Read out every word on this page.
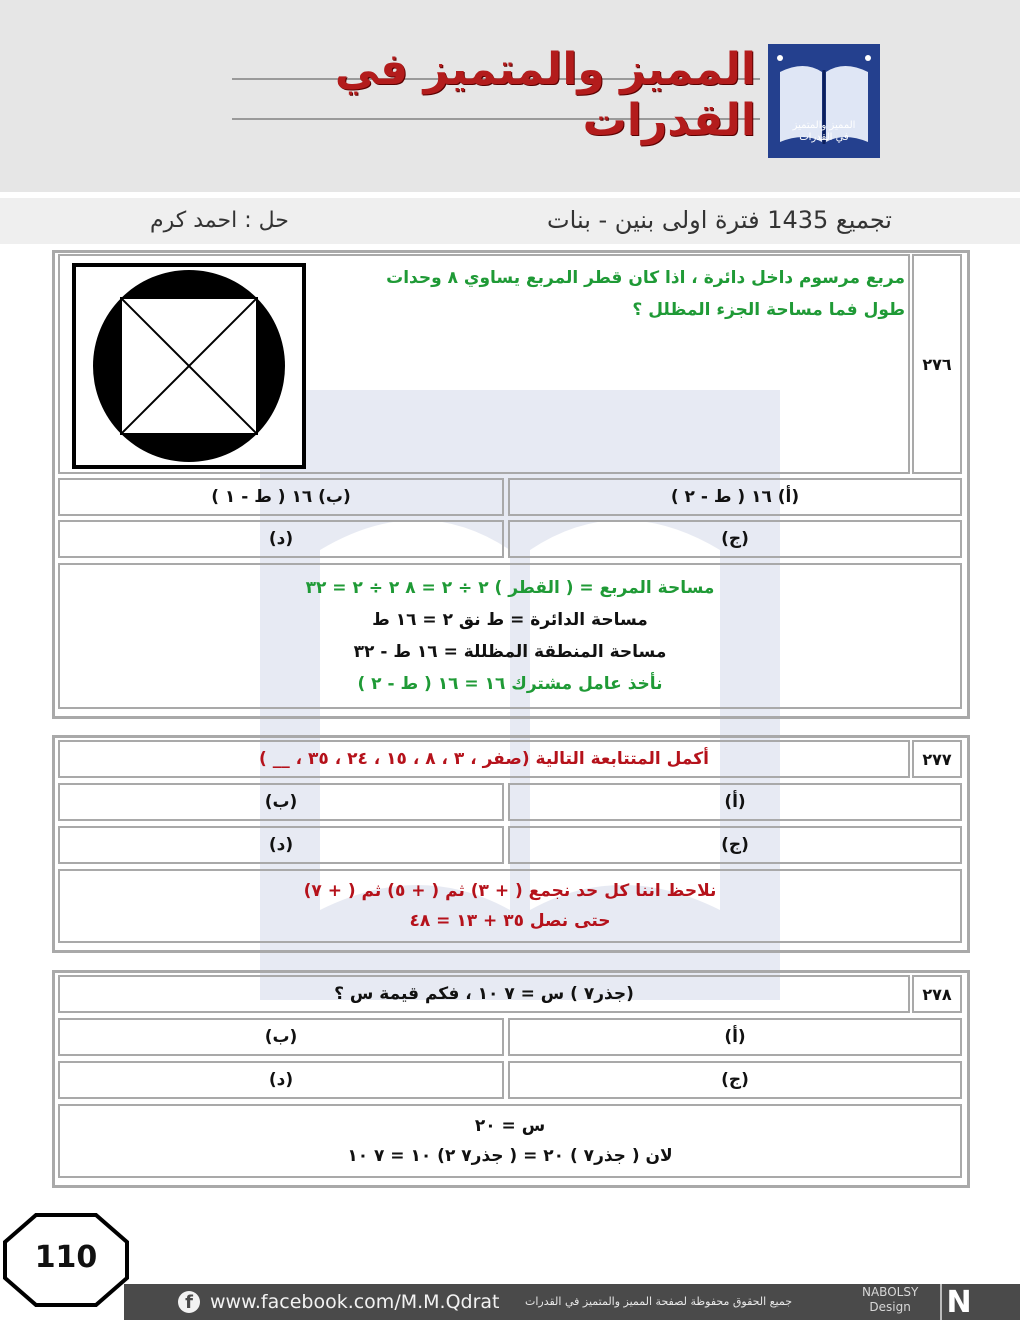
المميز والمتميز في القدرات	المميز والمتميز في القدرات
تجميع 1435 فترة اولى بنين - بنات
حل : احمد كرم
٢٧٦
مربع مرسوم داخل دائرة ، اذا كان قطر المربع يساوي ٨ وحدات
طول فما مساحة الجزء المظلل ؟
(أ) ١٦ ( ط - ٢ )
(ب) ١٦ ( ط - ١ )
(ج)
(د)
مساحة المربع = ( القطر ) ٢ ÷ ٢ = ٨ ٢ ÷ ٢ = ٣٢
مساحة الدائرة = ط نق ٢ = ١٦ ط
مساحة المنطقة المظللة = ١٦ ط - ٣٢
نأخذ عامل مشترك ١٦ = ١٦ ( ط - ٢ )
٢٧٧
أكمل المتتابعة التالية (صفر ، ٣ ، ٨ ، ١٥ ، ٢٤ ، ٣٥ ، __ )
(أ)
(ب)
(ج)
(د)
نلاحظ اننا كل حد نجمع ( + ٣) ثم ( + ٥) ثم ( + ٧)
حتى نصل ٣٥ + ١٣ = ٤٨
٢٧٨
(جذر٧ ) س = ٧ ١٠ ، فكم قيمة س ؟
(أ)
(ب)
(ج)
(د)
س = ٢٠
لان ( جذر٧ ) ٢٠ = ( جذر٧ ٢) ١٠ = ٧ ١٠
110
f www.facebook.com/M.M.Qdrat جميع الحقوق محفوظة لصفحة المميز والمتميز في القدرات
NABOLSY
Design N
